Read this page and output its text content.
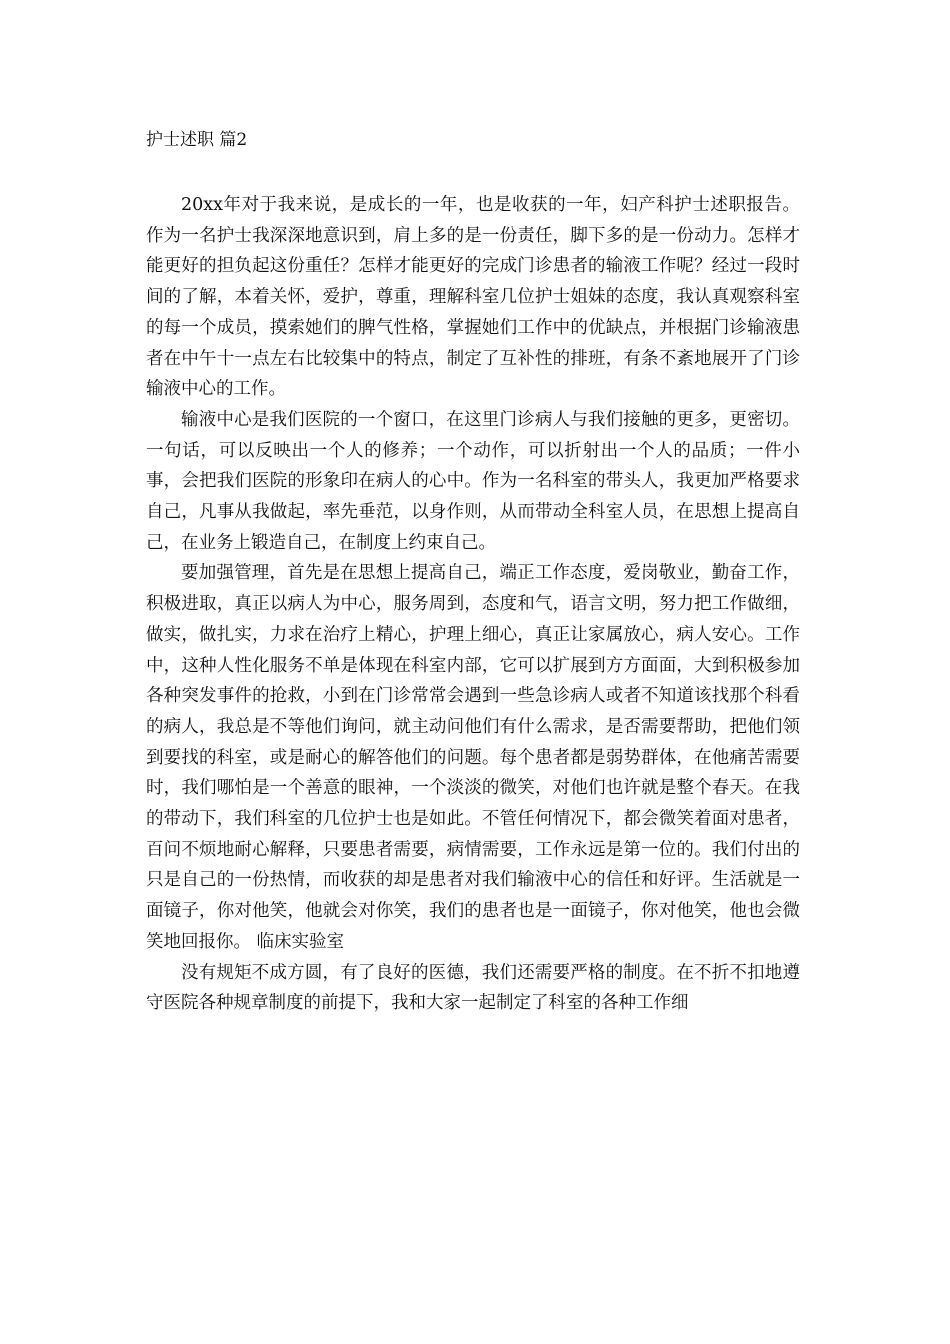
护士述职 篇2

20xx年对于我来说，是成长的一年，也是收获的一年，妇产科护士述职报告。作为一名护士我深深地意识到，肩上多的是一份责任，脚下多的是一份动力。怎样才能更好的担负起这份重任？怎样才能更好的完成门诊患者的输液工作呢？经过一段时间的了解，本着关怀，爱护，尊重，理解科室几位护士姐妹的态度，我认真观察科室的每一个成员，摸索她们的脾气性格，掌握她们工作中的优缺点，并根据门诊输液患者在中午十一点左右比较集中的特点，制定了互补性的排班，有条不紊地展开了门诊输液中心的工作。

输液中心是我们医院的一个窗口，在这里门诊病人与我们接触的更多，更密切。 一句话，可以反映出一个人的修养；一个动作，可以折射出一个人的品质；一件小事，会把我们医院的形象印在病人的心中。作为一名科室的带头人，我更加严格要求自己，凡事从我做起，率先垂范，以身作则，从而带动全科室人员，在思想上提高自己，在业务上锻造自己，在制度上约束自己。

要加强管理，首先是在思想上提高自己，端正工作态度，爱岗敬业，勤奋工作，积极进取，真正以病人为中心，服务周到，态度和气，语言文明，努力把工作做细，做实，做扎实，力求在治疗上精心，护理上细心，真正让家属放心，病人安心。工作中，这种人性化服务不单是体现在科室内部，它可以扩展到方方面面，大到积极参加各种突发事件的抢救，小到在门诊常常会遇到一些急诊病人或者不知道该找那个科看的病人，我总是不等他们询问，就主动问他们有什么需求，是否需要帮助，把他们领到要找的科室，或是耐心的解答他们的问题。每个患者都是弱势群体，在他痛苦需要时，我们哪怕是一个善意的眼神，一个淡淡的微笑，对他们也许就是整个春天。在我的带动下，我们科室的几位护士也是如此。不管任何情况下，都会微笑着面对患者，百问不烦地耐心解释，只要患者需要，病情需要，工作永远是第一位的。我们付出的只是自己的一份热情，而收获的却是患者对我们输液中心的信任和好评。生活就是一面镜子，你对他笑，他就会对你笑，我们的患者也是一面镜子，你对他笑，他也会微笑地回报你。 临床实验室

没有规矩不成方圆，有了良好的医德，我们还需要严格的制度。在不折不扣地遵守医院各种规章制度的前提下，我和大家一起制定了科室的各种工作细
